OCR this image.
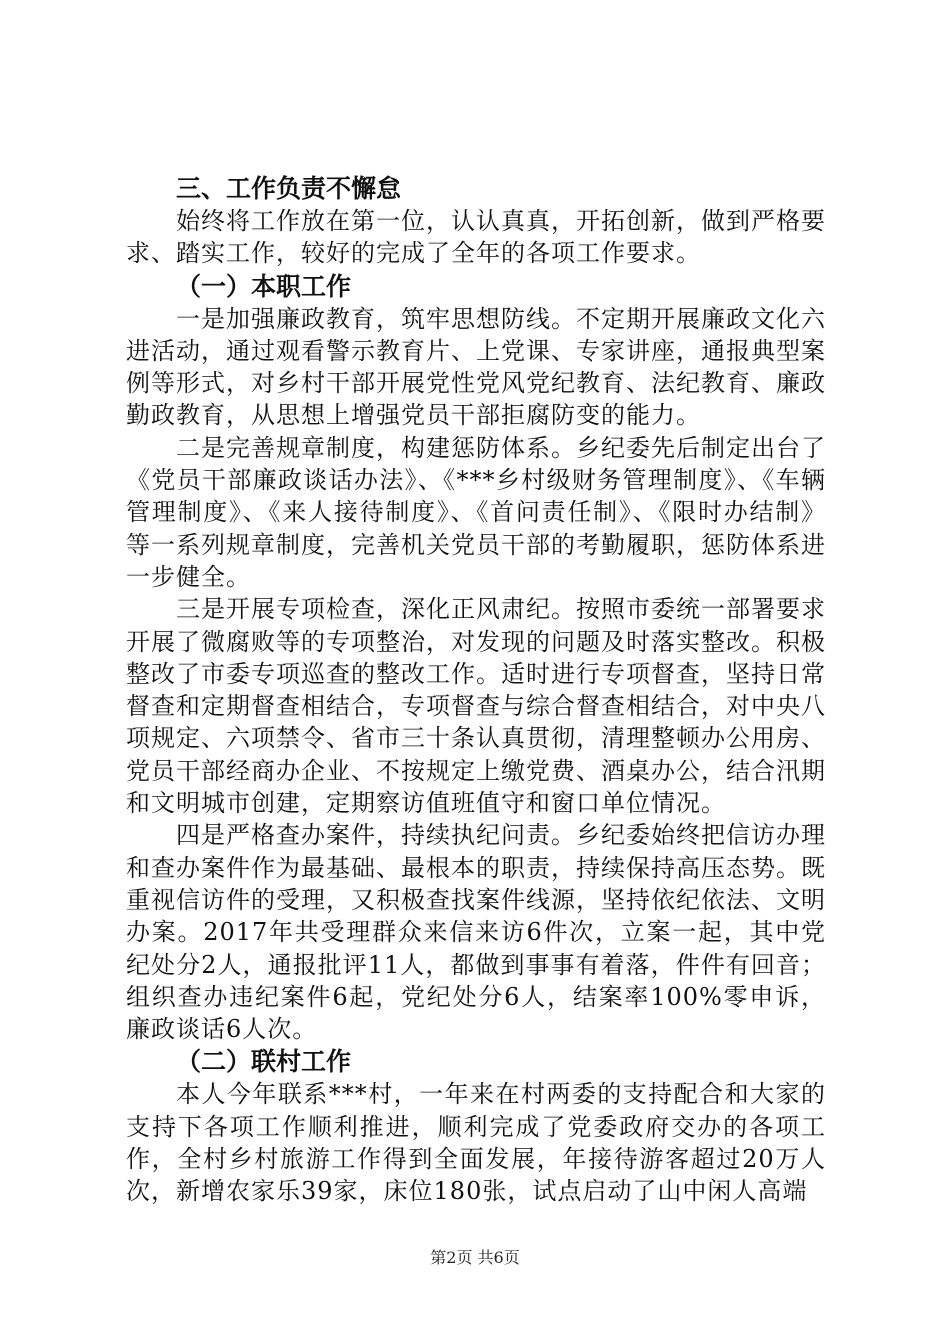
三、工作负责不懈怠

始终将工作放在第一位，认认真真，开拓创新，做到严格要求、踏实工作，较好的完成了全年的各项工作要求。

（一）本职工作

一是加强廉政教育，筑牢思想防线。不定期开展廉政文化六进活动，通过观看警示教育片、上党课、专家讲座，通报典型案例等形式，对乡村干部开展党性党风党纪教育、法纪教育、廉政勤政教育，从思想上增强党员干部拒腐防变的能力。

二是完善规章制度，构建惩防体系。乡纪委先后制定出台了《党员干部廉政谈话办法》、《***乡村级财务管理制度》、《车辆管理制度》、《来人接待制度》、《首问责任制》、《限时办结制》等一系列规章制度，完善机关党员干部的考勤履职，惩防体系进一步健全。

三是开展专项检查，深化正风肃纪。按照市委统一部署要求开展了微腐败等的专项整治，对发现的问题及时落实整改。积极整改了市委专项巡查的整改工作。适时进行专项督查，坚持日常督查和定期督查相结合，专项督查与综合督查相结合，对中央八项规定、六项禁令、省市三十条认真贯彻，清理整顿办公用房、党员干部经商办企业、不按规定上缴党费、酒桌办公，结合汛期和文明城市创建，定期察访值班值守和窗口单位情况。

四是严格查办案件，持续执纪问责。乡纪委始终把信访办理和查办案件作为最基础、最根本的职责，持续保持高压态势。既重视信访件的受理，又积极查找案件线源，坚持依纪依法、文明办案。2017年共受理群众来信来访6件次，立案一起，其中党纪处分2人，通报批评11人，都做到事事有着落，件件有回音；组织查办违纪案件6起，党纪处分6人，结案率100%零申诉，廉政谈话6人次。

（二）联村工作

本人今年联系***村，一年来在村两委的支持配合和大家的支持下各项工作顺利推进，顺利完成了党委政府交办的各项工作，全村乡村旅游工作得到全面发展，年接待游客超过20万人次，新增农家乐39家，床位180张，试点启动了山中闲人高端

第2页 共6页
